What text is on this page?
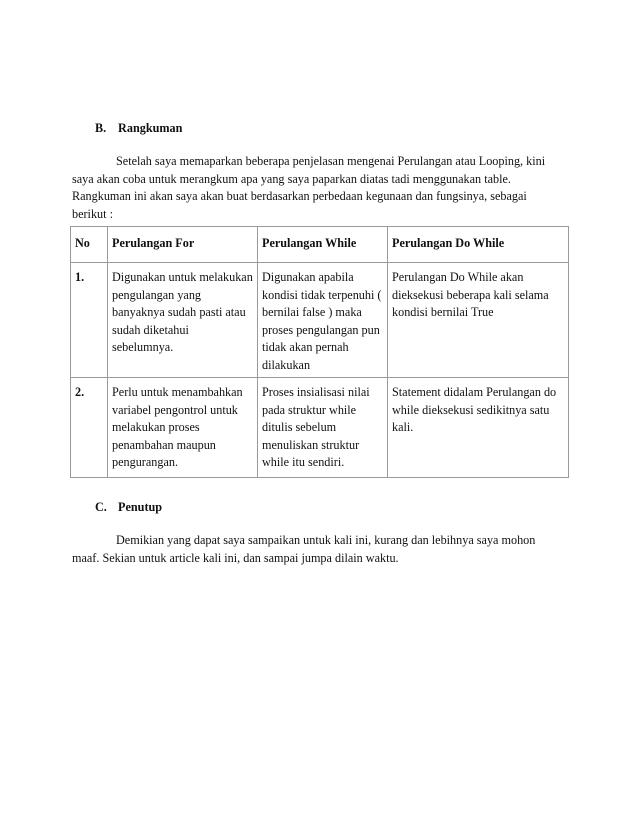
B. Rangkuman

Setelah saya memaparkan beberapa penjelasan mengenai Perulangan atau Looping, kini saya akan coba untuk merangkum apa yang saya paparkan diatas tadi menggunakan table. Rangkuman ini akan saya akan buat berdasarkan perbedaan kegunaan dan fungsinya, sebagai berikut :

No	Perulangan For	Perulangan While	Perulangan Do While
1.	Digunakan untuk melakukan pengulangan yang banyaknya sudah pasti atau sudah diketahui sebelumnya.	Digunakan apabila kondisi tidak terpenuhi ( bernilai false ) maka proses pengulangan pun tidak akan pernah dilakukan	Perulangan Do While akan dieksekusi beberapa kali selama kondisi bernilai True
2.	Perlu untuk menambahkan variabel pengontrol untuk melakukan proses penambahan maupun pengurangan.	Proses insialisasi nilai pada struktur while ditulis sebelum menuliskan struktur while itu sendiri.	Statement didalam Perulangan do while dieksekusi sedikitnya satu kali.
C. Penutup

Demikian yang dapat saya sampaikan untuk kali ini, kurang dan lebihnya saya mohon maaf. Sekian untuk article kali ini, dan sampai jumpa dilain waktu.
